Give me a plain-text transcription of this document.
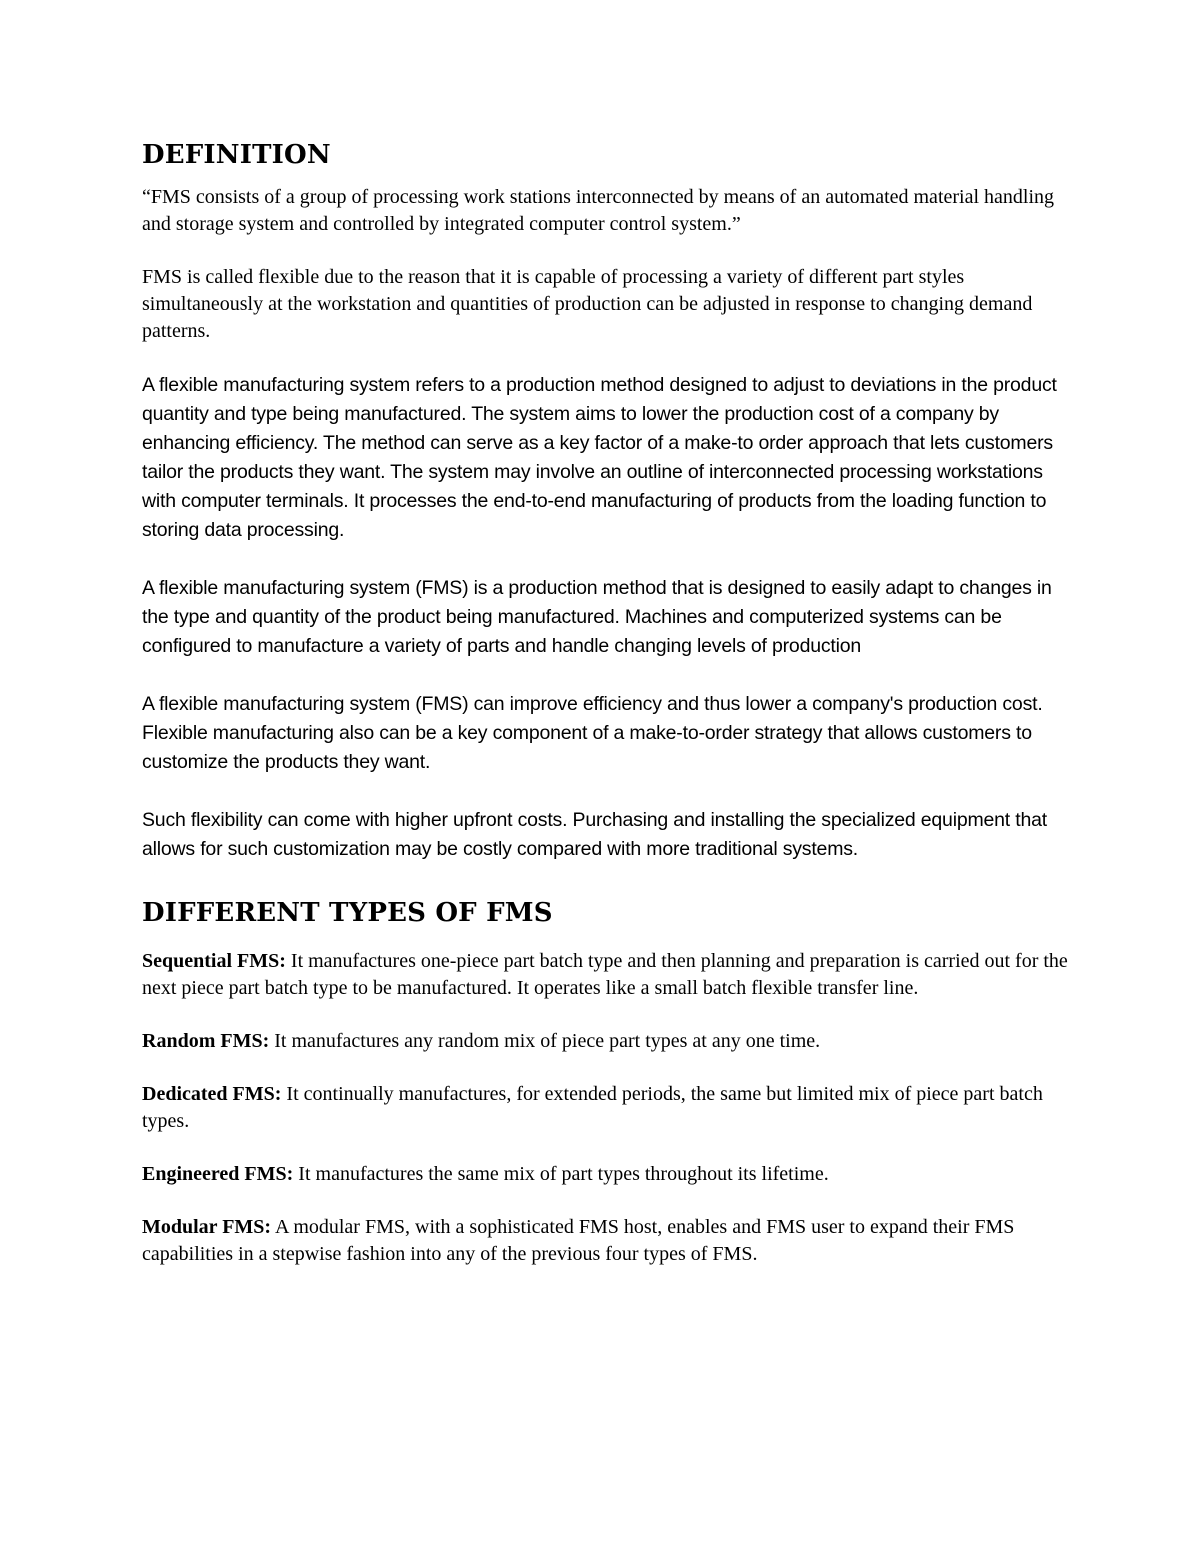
DEFINITION

“FMS consists of a group of processing work stations interconnected by means of an automated material handling and storage system and controlled by integrated computer control system.”

FMS is called flexible due to the reason that it is capable of processing a variety of different part styles simultaneously at the workstation and quantities of production can be adjusted in response to changing demand patterns.

A flexible manufacturing system refers to a production method designed to adjust to deviations in the product quantity and type being manufactured. The system aims to lower the production cost of a company by enhancing efficiency. The method can serve as a key factor of a make-to order approach that lets customers tailor the products they want. The system may involve an outline of interconnected processing workstations with computer terminals. It processes the end-to-end manufacturing of products from the loading function to storing data processing.

A flexible manufacturing system (FMS) is a production method that is designed to easily adapt to changes in the type and quantity of the product being manufactured. Machines and computerized systems can be configured to manufacture a variety of parts and handle changing levels of production

A flexible manufacturing system (FMS) can improve efficiency and thus lower a company's production cost. Flexible manufacturing also can be a key component of a make-to-order strategy that allows customers to customize the products they want.

Such flexibility can come with higher upfront costs. Purchasing and installing the specialized equipment that allows for such customization may be costly compared with more traditional systems.

DIFFERENT TYPES OF FMS

Sequential FMS: It manufactures one-piece part batch type and then planning and preparation is carried out for the next piece part batch type to be manufactured. It operates like a small batch flexible transfer line.

Random FMS: It manufactures any random mix of piece part types at any one time.

Dedicated FMS: It continually manufactures, for extended periods, the same but limited mix of piece part batch types.

Engineered FMS: It manufactures the same mix of part types throughout its lifetime.

Modular FMS: A modular FMS, with a sophisticated FMS host, enables and FMS user to expand their FMS capabilities in a stepwise fashion into any of the previous four types of FMS.
